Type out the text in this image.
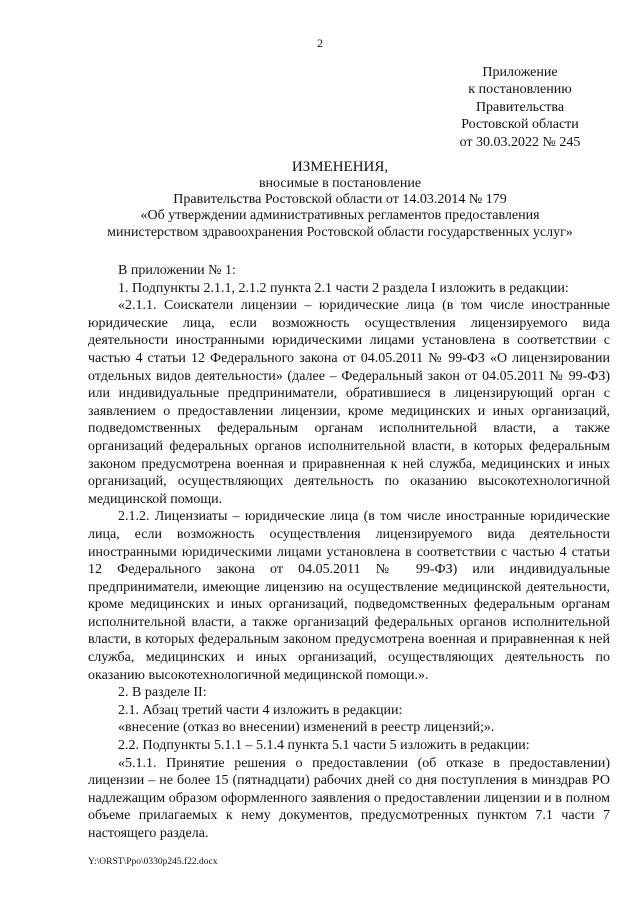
2
Приложение
к постановлению
Правительства
Ростовской области
от 30.03.2022 № 245
ИЗМЕНЕНИЯ,
вносимые в постановление
Правительства Ростовской области от 14.03.2014 № 179
«Об утверждении административных регламентов предоставления
министерством здравоохранения Ростовской области государственных услуг»

В приложении № 1:

1. Подпункты 2.1.1, 2.1.2 пункта 2.1 части 2 раздела I изложить в редакции:

«2.1.1. Соискатели лицензии – юридические лица (в том числе иностранные юридические лица, если возможность осуществления лицензируемого вида деятельности иностранными юридическими лицами установлена в соответствии с частью 4 статьи 12 Федерального закона от 04.05.2011 № 99-ФЗ «О лицензировании отдельных видов деятельности» (далее – Федеральный закон от 04.05.2011 № 99-ФЗ) или индивидуальные предприниматели, обратившиеся в лицензирующий орган с заявлением о предоставлении лицензии, кроме медицинских и иных организаций, подведомственных федеральным органам исполнительной власти, а также организаций федеральных органов исполнительной власти, в которых федеральным законом предусмотрена военная и приравненная к ней служба, медицинских и иных организаций, осуществляющих деятельность по оказанию высокотехнологичной медицинской помощи.

2.1.2. Лицензиаты – юридические лица (в том числе иностранные юридические лица, если возможность осуществления лицензируемого вида деятельности иностранными юридическими лицами установлена в соответствии с частью 4 статьи 12 Федерального закона от 04.05.2011 № 99-ФЗ) или индивидуальные предприниматели, имеющие лицензию на осуществление медицинской деятельности, кроме медицинских и иных организаций, подведомственных федеральным органам исполнительной власти, а также организаций федеральных органов исполнительной власти, в которых федеральным законом предусмотрена военная и приравненная к ней служба, медицинских и иных организаций, осуществляющих деятельность по оказанию высокотехнологичной медицинской помощи.».

2. В разделе II:

2.1. Абзац третий части 4 изложить в редакции:

«внесение (отказ во внесении) изменений в реестр лицензий;».

2.2. Подпункты 5.1.1 – 5.1.4 пункта 5.1 части 5 изложить в редакции:

«5.1.1. Принятие решения о предоставлении (об отказе в предоставлении) лицензии – не более 15 (пятнадцати) рабочих дней со дня поступления в минздрав РО надлежащим образом оформленного заявления о предоставлении лицензии и в полном объеме прилагаемых к нему документов, предусмотренных пунктом 7.1 части 7 настоящего раздела.

Y:\ORST\Ppo\0330p245.f22.docx
